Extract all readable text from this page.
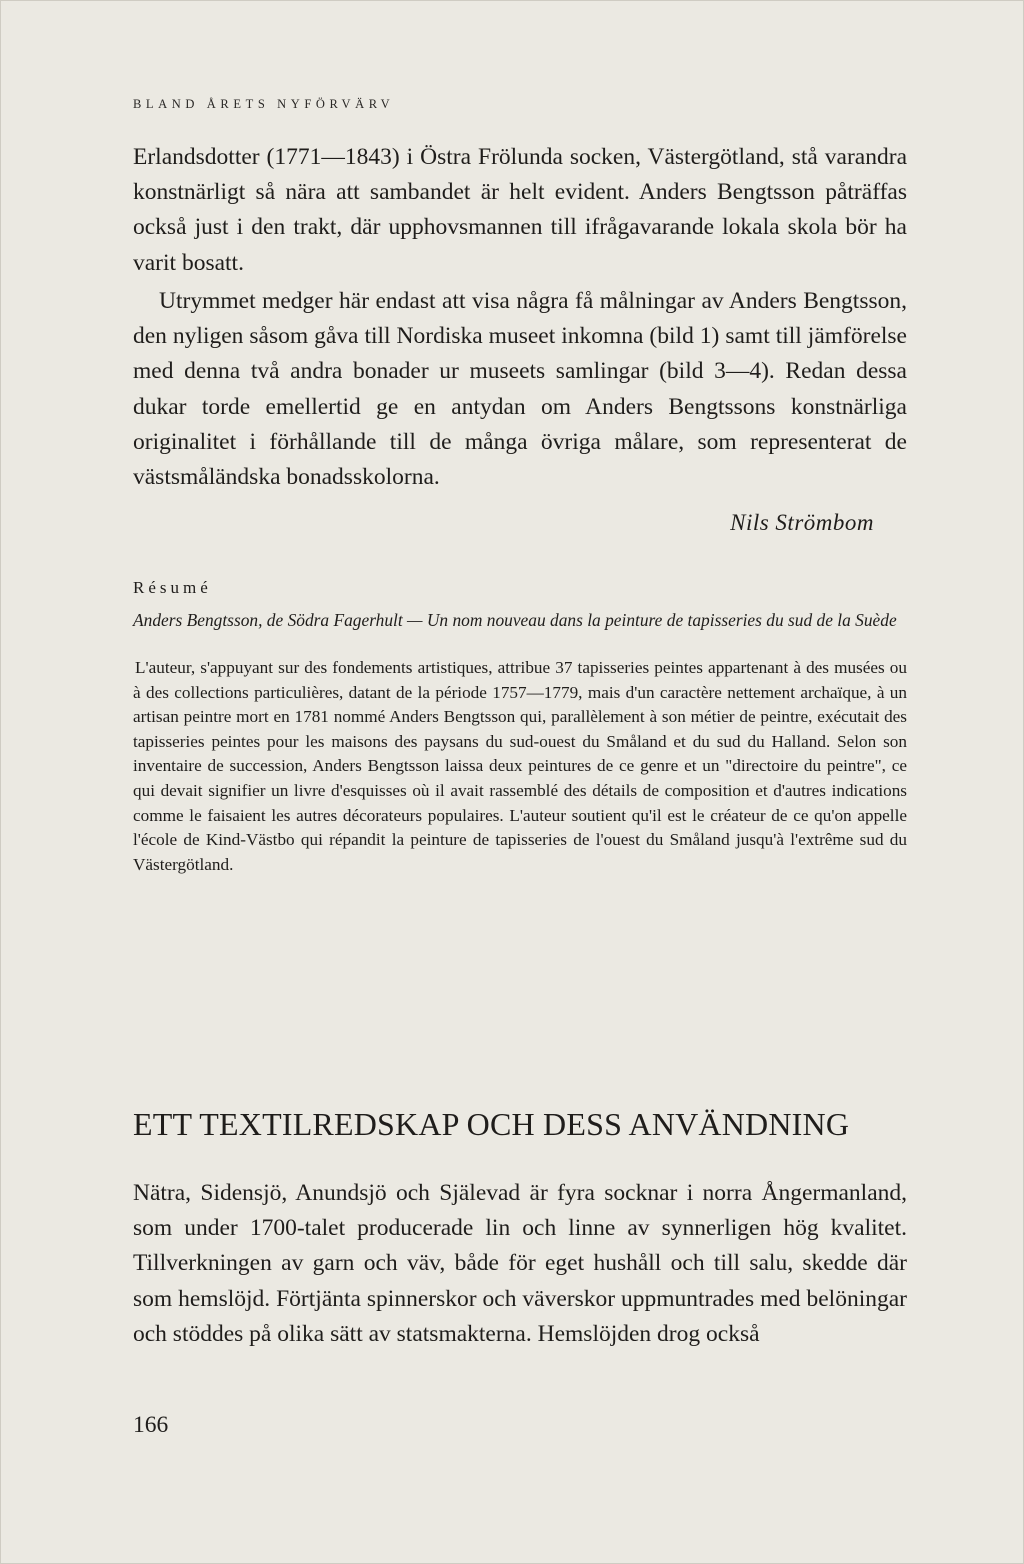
BLAND ÅRETS NYFÖRVÄRV

Erlandsdotter (1771—1843) i Östra Frölunda socken, Västergötland, stå varandra konstnärligt så nära att sambandet är helt evident. Anders Bengtsson påträffas också just i den trakt, där upphovsmannen till ifrågavarande lokala skola bör ha varit bosatt.

Utrymmet medger här endast att visa några få målningar av Anders Bengtsson, den nyligen såsom gåva till Nordiska museet inkomna (bild 1) samt till jämförelse med denna två andra bonader ur museets samlingar (bild 3—4). Redan dessa dukar torde emellertid ge en antydan om Anders Bengtssons konstnärliga originalitet i förhållande till de många övriga målare, som representerat de västsmåländska bonadsskolorna.

Nils Strömbom
Résumé

Anders Bengtsson, de Södra Fagerhult — Un nom nouveau dans la peinture de tapisseries du sud de la Suède

L'auteur, s'appuyant sur des fondements artistiques, attribue 37 tapisseries peintes appartenant à des musées ou à des collections particulières, datant de la période 1757—1779, mais d'un caractère nettement archaïque, à un artisan peintre mort en 1781 nommé Anders Bengtsson qui, parallèlement à son métier de peintre, exécutait des tapisseries peintes pour les maisons des paysans du sud-ouest du Småland et du sud du Halland. Selon son inventaire de succession, Anders Bengtsson laissa deux peintures de ce genre et un "directoire du peintre", ce qui devait signifier un livre d'esquisses où il avait rassemblé des détails de composition et d'autres indications comme le faisaient les autres décorateurs populaires. L'auteur soutient qu'il est le créateur de ce qu'on appelle l'école de Kind-Västbo qui répandit la peinture de tapisseries de l'ouest du Småland jusqu'à l'extrême sud du Västergötland.

ETT TEXTILREDSKAP OCH DESS ANVÄNDNING

Nätra, Sidensjö, Anundsjö och Själevad är fyra socknar i norra Ångermanland, som under 1700-talet producerade lin och linne av synnerligen hög kvalitet. Tillverkningen av garn och väv, både för eget hushåll och till salu, skedde där som hemslöjd. Förtjänta spinnerskor och väverskor uppmuntrades med belöningar och stöddes på olika sätt av statsmakterna. Hemslöjden drog också

166
